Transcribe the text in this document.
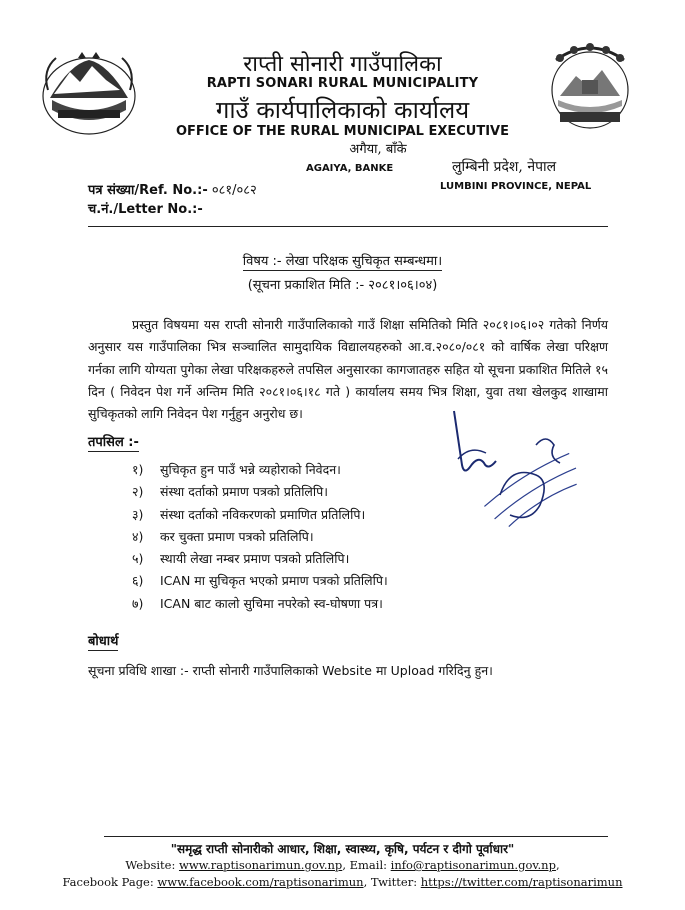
राप्ती सोनारी गाउँपालिका
RAPTI SONARI RURAL MUNICIPALITY
गाउँ कार्यपालिकाको कार्यालय
OFFICE OF THE RURAL MUNICIPAL EXECUTIVE
अगैया, बाँके
AGAIYA, BANKE	लुम्बिनी प्रदेश, नेपाल
LUMBINI PROVINCE, NEPAL
पत्र संख्या/Ref. No.:- ०८१/०८२
च.नं./Letter No.:-
विषय :- लेखा परिक्षक सुचिकृत सम्बन्धमा।
(सूचना प्रकाशित मिति :- २०८१।०६।०४)
प्रस्तुत विषयमा यस राप्ती सोनारी गाउँपालिकाको गाउँ शिक्षा समितिको मिति २०८१।०६।०२ गतेको निर्णय अनुसार यस गाउँपालिका भित्र सञ्चालित सामुदायिक विद्यालयहरुको आ.व.२०८०/०८१ को वार्षिक लेखा परिक्षण गर्नका लागि योग्यता पुगेका लेखा परिक्षकहरुले तपसिल अनुसारका कागजातहरु सहित यो सूचना प्रकाशित मितिले १५ दिन ( निवेदन पेश गर्ने अन्तिम मिति २०८१।०६।१८ गते ) कार्यालय समय भित्र शिक्षा, युवा तथा खेलकुद शाखामा सुचिकृतको लागि निवेदन पेश गर्नुहुन अनुरोध छ।
तपसिल :-
१) सुचिकृत हुन पाउँ भन्ने व्यहोराको निवेदन।
२) संस्था दर्ताको प्रमाण पत्रको प्रतिलिपि।
३) संस्था दर्ताको नविकरणको प्रमाणित प्रतिलिपि।
४) कर चुक्ता प्रमाण पत्रको प्रतिलिपि।
५) स्थायी लेखा नम्बर प्रमाण पत्रको प्रतिलिपि।
६) ICAN मा सुचिकृत भएको प्रमाण पत्रको प्रतिलिपि।
७) ICAN बाट कालो सुचिमा नपरेको स्व-घोषणा पत्र।
बोधार्थ
सूचना प्रविधि शाखा :- राप्ती सोनारी गाउँपालिकाको Website मा Upload गरिदिनु हुन।
"समृद्ध राप्ती सोनारीको आधार, शिक्षा, स्वास्थ्य, कृषि, पर्यटन र दीगो पूर्वाधार"
Website: www.raptisonarimun.gov.np, Email: info@raptisonarimun.gov.np,
Facebook Page: www.facebook.com/raptisonarimun, Twitter: https://twitter.com/raptisonarimun
